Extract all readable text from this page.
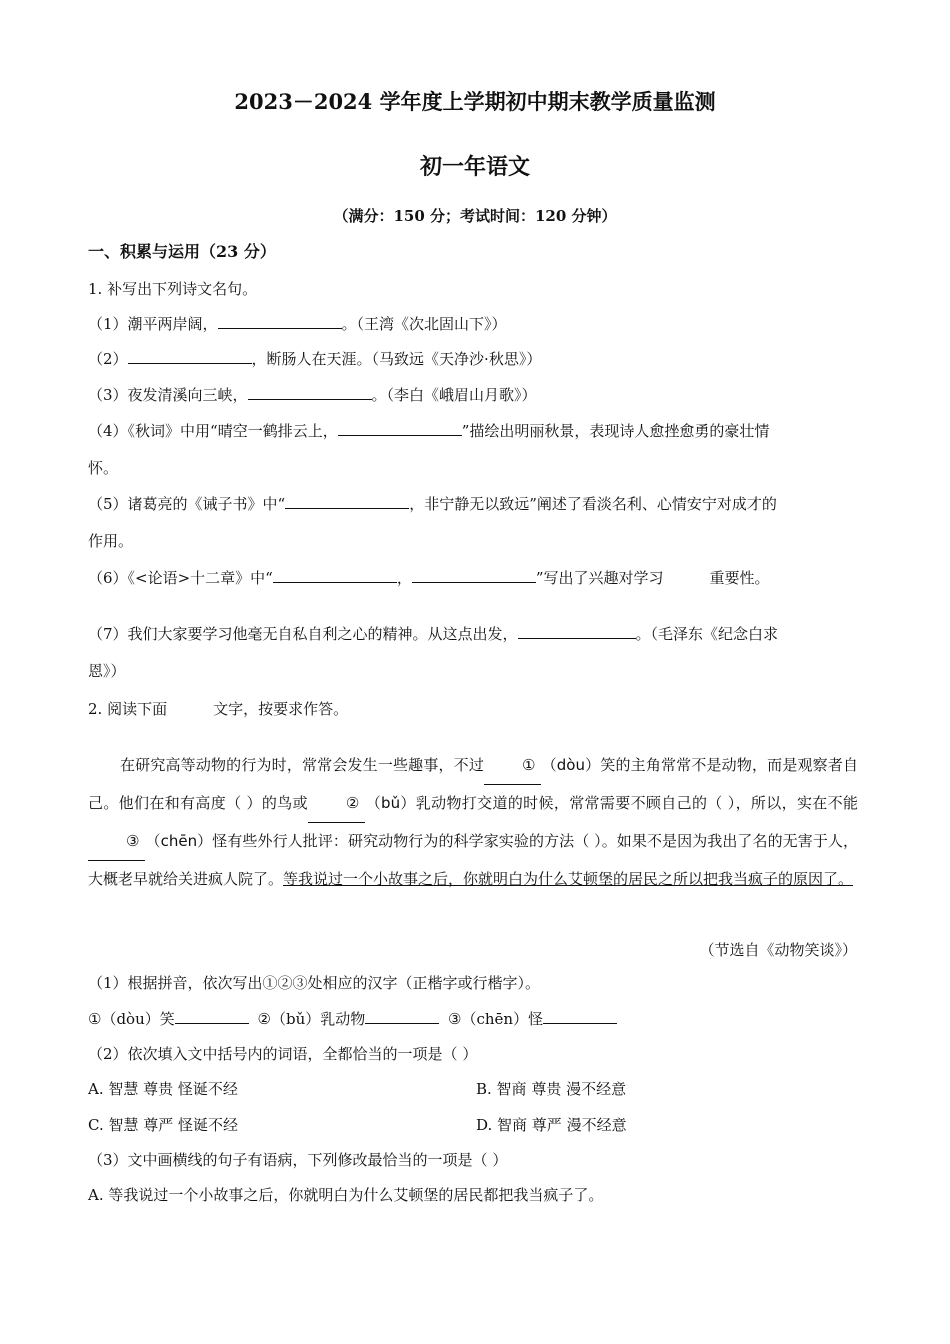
2023－2024 学年度上学期初中期末教学质量监测
初一年语文
（满分：150 分；考试时间：120 分钟）
一、积累与运用（23 分）
1. 补写出下列诗文名句。
（1）潮平两岸阔，	。（王湾《次北固山下》）
（2）	，断肠人在天涯。（马致远《天净沙·秋思》）
（3）夜发清溪向三峡，	。（李白《峨眉山月歌》）
（4）《秋词》中用“晴空一鹤排云上，	”描绘出明丽秋景，表现诗人愈挫愈勇的豪壮情
怀。
（5）诸葛亮的《诫子书》中“	，非宁静无以致远”阐述了看淡名利、心情安宁对成才的
作用。
（6）《<论语>十二章》中“	，	”写出了兴趣对学习	重要性。
（7）我们大家要学习他毫无自私自利之心的精神。从这点出发，	。（毛泽东《纪念白求
恩》）
2. 阅读下面	文字，按要求作答。

在研究高等动物的行为时，常常会发生一些趣事，不过	① （dòu）笑的主角常常不是动物，而是观察者自己。他们在和有高度（ ）的鸟或	② （bǔ）乳动物打交道的时候，常常需要不顾自己的（ ），所以，实在不能③ （chēn）怪有些外行人批评：研究动物行为的科学家实验的方法（ ）。如果不是因为我出了名的无害于人，大概老早就给关进疯人院了。等我说过一个小故事之后，你就明白为什么艾顿堡的居民之所以把我当疯子的原因了。

（节选自《动物笑谈》）
（1）根据拼音，依次写出①②③处相应的汉字（正楷字或行楷字）。
①（dòu）笑	②（bǔ）乳动物	③（chēn）怪
（2）依次填入文中括号内的词语，全都恰当的一项是（ ）
A. 智慧 尊贵 怪诞不经	B. 智商 尊贵 漫不经意
C. 智慧 尊严 怪诞不经	D. 智商 尊严 漫不经意
（3）文中画横线的句子有语病，下列修改最恰当的一项是（ ）
A. 等我说过一个小故事之后，你就明白为什么艾顿堡的居民都把我当疯子了。
